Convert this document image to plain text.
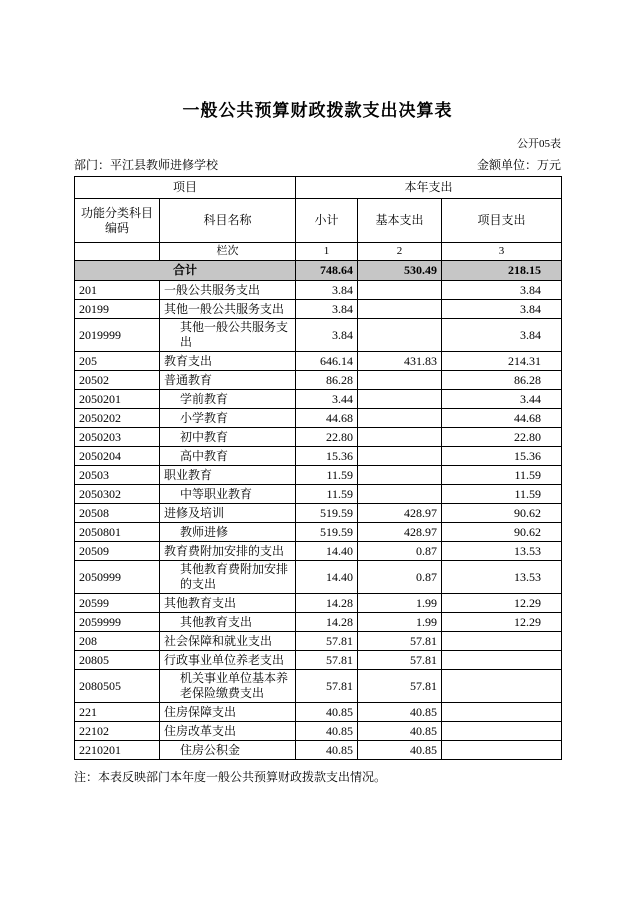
一般公共预算财政拨款支出决算表
公开05表
部门：平江县教师进修学校	金额单位：万元
项目		本年支出		
功能分类科目编码	科目名称	小计	基本支出	项目支出
	栏次	1	2	3
合计		748.64	530.49	218.15
201	一般公共服务支出	3.84		3.84
20199	其他一般公共服务支出	3.84		3.84
2019999	其他一般公共服务支出	3.84		3.84
205	教育支出	646.14	431.83	214.31
20502	普通教育	86.28		86.28
2050201	学前教育	3.44		3.44
2050202	小学教育	44.68		44.68
2050203	初中教育	22.80		22.80
2050204	高中教育	15.36		15.36
20503	职业教育	11.59		11.59
2050302	中等职业教育	11.59		11.59
20508	进修及培训	519.59	428.97	90.62
2050801	教师进修	519.59	428.97	90.62
20509	教育费附加安排的支出	14.40	0.87	13.53
2050999	其他教育费附加安排的支出	14.40	0.87	13.53
20599	其他教育支出	14.28	1.99	12.29
2059999	其他教育支出	14.28	1.99	12.29
208	社会保障和就业支出	57.81	57.81	
20805	行政事业单位养老支出	57.81	57.81	
2080505	机关事业单位基本养老保险缴费支出	57.81	57.81	
221	住房保障支出	40.85	40.85	
22102	住房改革支出	40.85	40.85	
2210201	住房公积金	40.85	40.85	
注：本表反映部门本年度一般公共预算财政拨款支出情况。
